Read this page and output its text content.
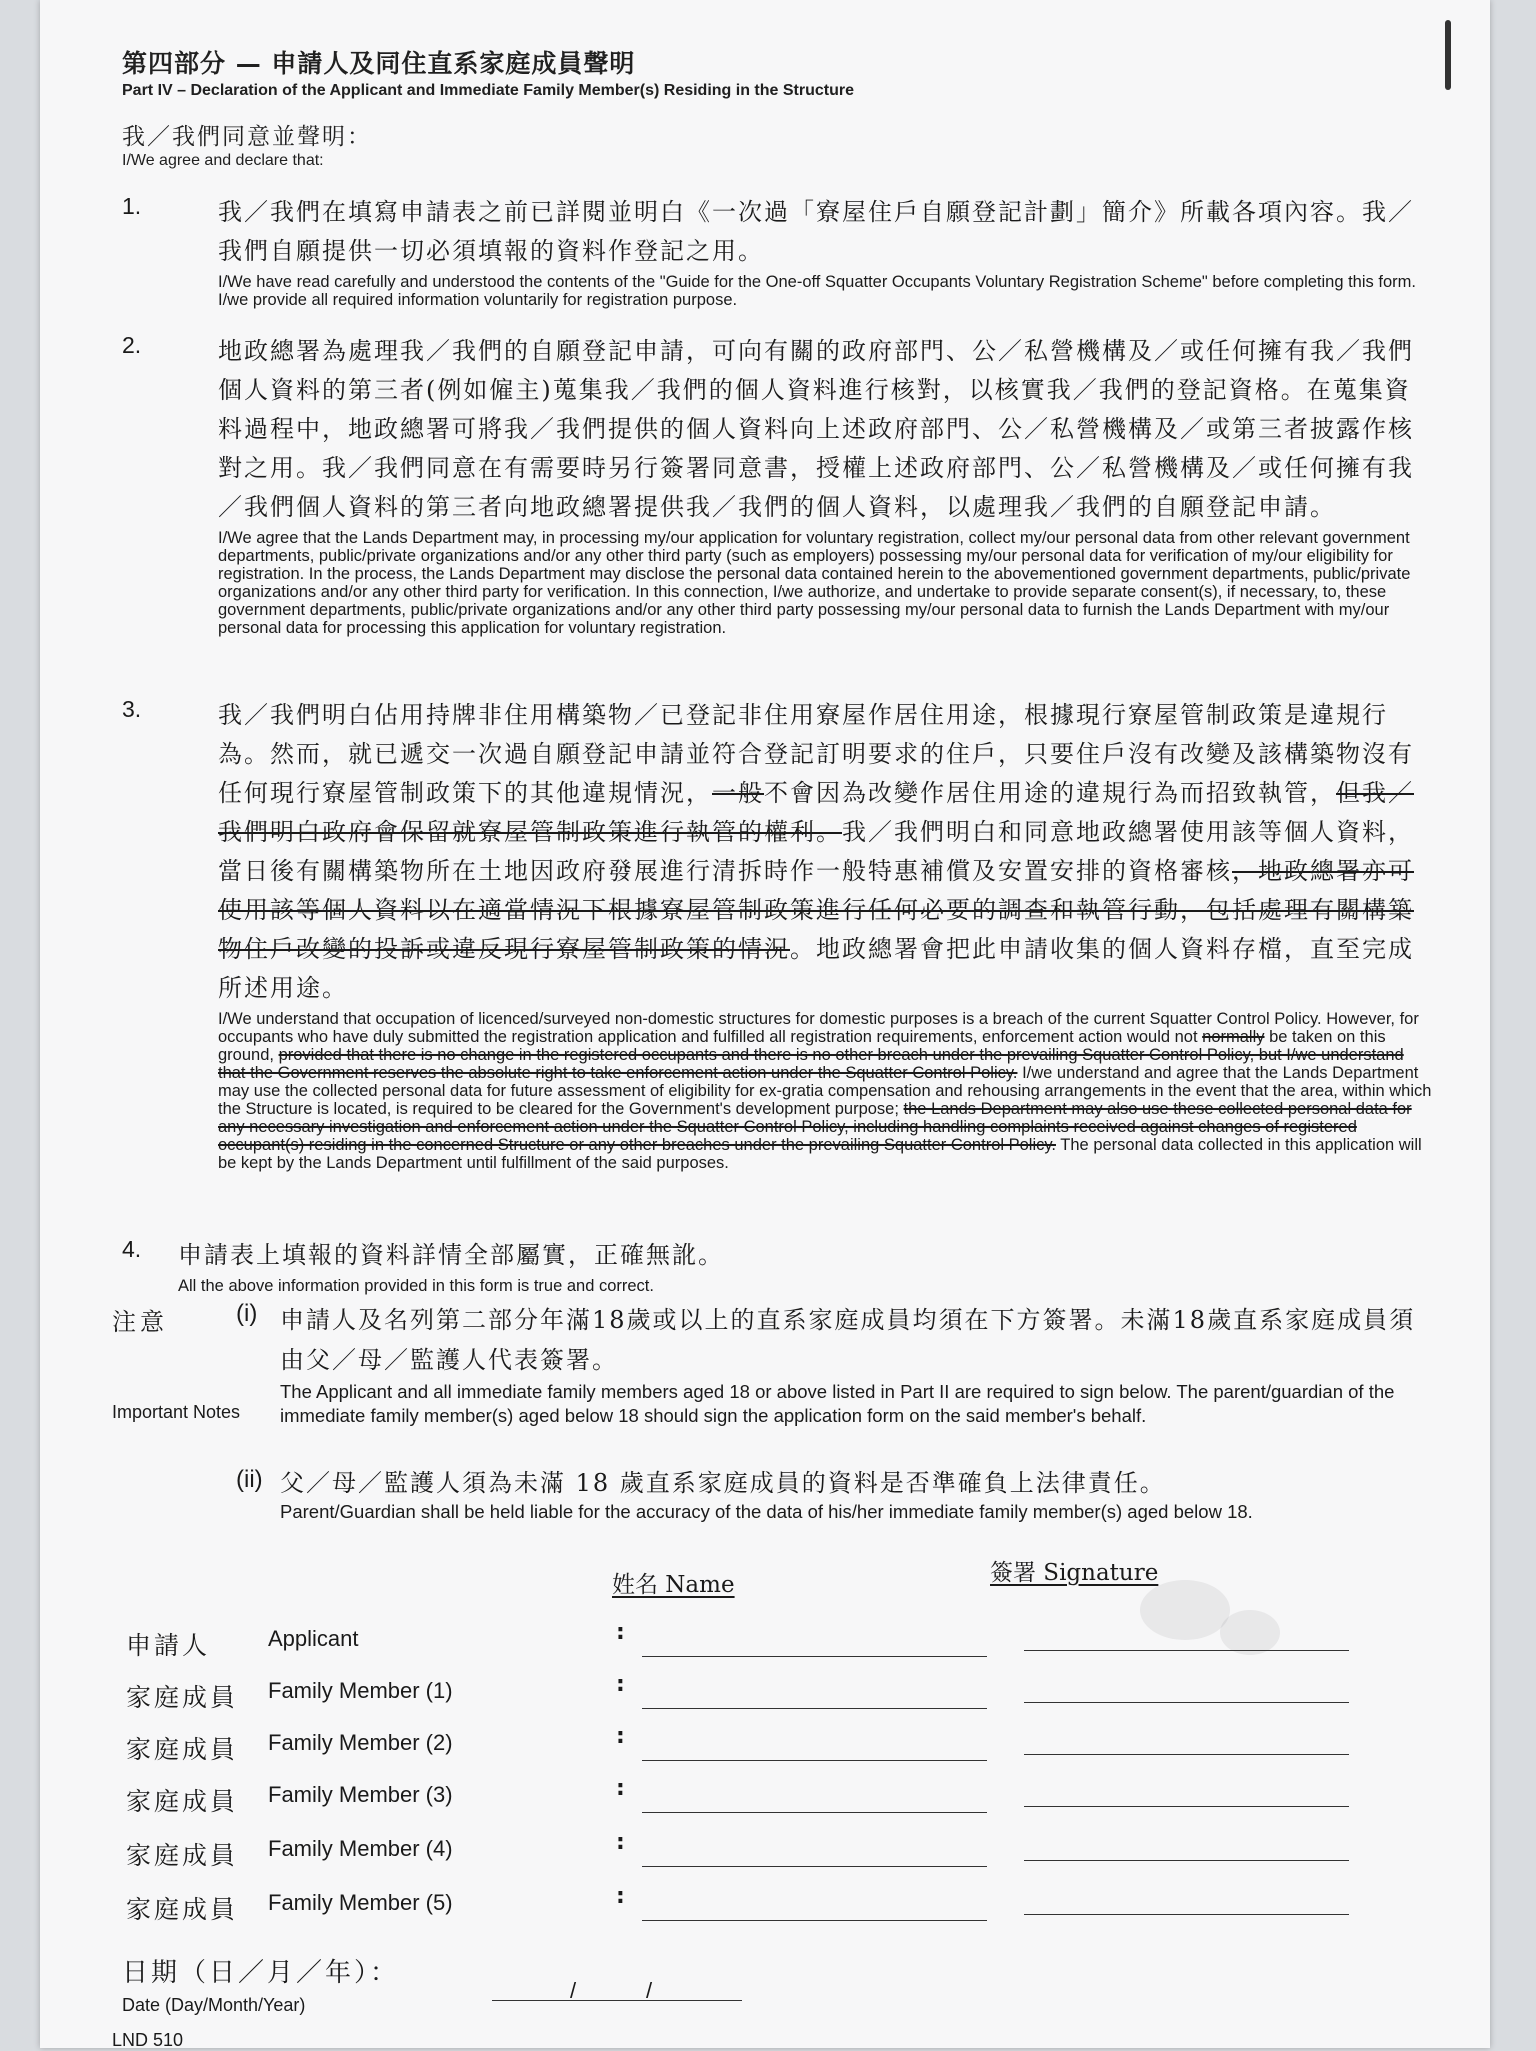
第四部分 — 申請人及同住直系家庭成員聲明
Part IV – Declaration of the Applicant and Immediate Family Member(s) Residing in the Structure
我／我們同意並聲明：
I/We agree and declare that:
1.	我／我們在填寫申請表之前已詳閱並明白《一次過「寮屋住戶自願登記計劃」簡介》所載各項內容。我／我們自願提供一切必須填報的資料作登記之用。
I/We have read carefully and understood the contents of the "Guide for the One-off Squatter Occupants Voluntary Registration Scheme" before completing this form. I/we provide all required information voluntarily for registration purpose.
2.	地政總署為處理我／我們的自願登記申請，可向有關的政府部門、公／私營機構及／或任何擁有我／我們個人資料的第三者(例如僱主)蒐集我／我們的個人資料進行核對，以核實我／我們的登記資格。在蒐集資料過程中，地政總署可將我／我們提供的個人資料向上述政府部門、公／私營機構及／或第三者披露作核對之用。我／我們同意在有需要時另行簽署同意書，授權上述政府部門、公／私營機構及／或任何擁有我／我們個人資料的第三者向地政總署提供我／我們的個人資料，以處理我／我們的自願登記申請。
I/We agree that the Lands Department may, in processing my/our application for voluntary registration, collect my/our personal data from other relevant government departments, public/private organizations and/or any other third party (such as employers) possessing my/our personal data for verification of my/our eligibility for registration. In the process, the Lands Department may disclose the personal data contained herein to the abovementioned government departments, public/private organizations and/or any other third party for verification. In this connection, I/we authorize, and undertake to provide separate consent(s), if necessary, to, these government departments, public/private organizations and/or any other third party possessing my/our personal data to furnish the Lands Department with my/our personal data for processing this application for voluntary registration.
3.	我／我們明白佔用持牌非住用構築物／已登記非住用寮屋作居住用途，根據現行寮屋管制政策是違規行為。然而，就已遞交一次過自願登記申請並符合登記訂明要求的住戶，只要住戶沒有改變及該構築物沒有任何現行寮屋管制政策下的其他違規情況，一般不會因為改變作居住用途的違規行為而招致執管，但我／我們明白政府會保留就寮屋管制政策進行執管的權利。我／我們明白和同意地政總署使用該等個人資料，當日後有關構築物所在土地因政府發展進行清拆時作一般特惠補償及安置安排的資格審核，地政總署亦可使用該等個人資料以在適當情況下根據寮屋管制政策進行任何必要的調查和執管行動，包括處理有關構築物住戶改變的投訴或違反現行寮屋管制政策的情況。地政總署會把此申請收集的個人資料存檔，直至完成所述用途。
I/We understand that occupation of licenced/surveyed non-domestic structures for domestic purposes is a breach of the current Squatter Control Policy. However, for occupants who have duly submitted the registration application and fulfilled all registration requirements, enforcement action would not normally be taken on this ground, provided that there is no change in the registered occupants and there is no other breach under the prevailing Squatter Control Policy, but I/we understand that the Government reserves the absolute right to take enforcement action under the Squatter Control Policy. I/we understand and agree that the Lands Department may use the collected personal data for future assessment of eligibility for ex-gratia compensation and rehousing arrangements in the event that the area, within which the Structure is located, is required to be cleared for the Government's development purpose; the Lands Department may also use these collected personal data for any necessary investigation and enforcement action under the Squatter Control Policy, including handling complaints received against changes of registered occupant(s) residing in the concerned Structure or any other breaches under the prevailing Squatter Control Policy. The personal data collected in this application will be kept by the Lands Department until fulfillment of the said purposes.
4. 申請表上填報的資料詳情全部屬實，正確無訛。
All the above information provided in this form is true and correct.
注意
Important Notes
(i) 申請人及名列第二部分年滿18歲或以上的直系家庭成員均須在下方簽署。未滿18歲直系家庭成員須由父／母／監護人代表簽署。
The Applicant and all immediate family members aged 18 or above listed in Part II are required to sign below. The parent/guardian of the immediate family member(s) aged below 18 should sign the application form on the said member's behalf.
(ii) 父／母／監護人須為未滿 18 歲直系家庭成員的資料是否準確負上法律責任。
Parent/Guardian shall be held liable for the accuracy of the data of his/her immediate family member(s) aged below 18.
姓名 Name	簽署 Signature
申請人	Applicant	:
家庭成員 Family Member (1)	:
家庭成員 Family Member (2)	:
家庭成員 Family Member (3)	:
家庭成員 Family Member (4)	:
家庭成員 Family Member (5)	:
日期（日／月／年）：
Date (Day/Month/Year)
/	/
LND 510
